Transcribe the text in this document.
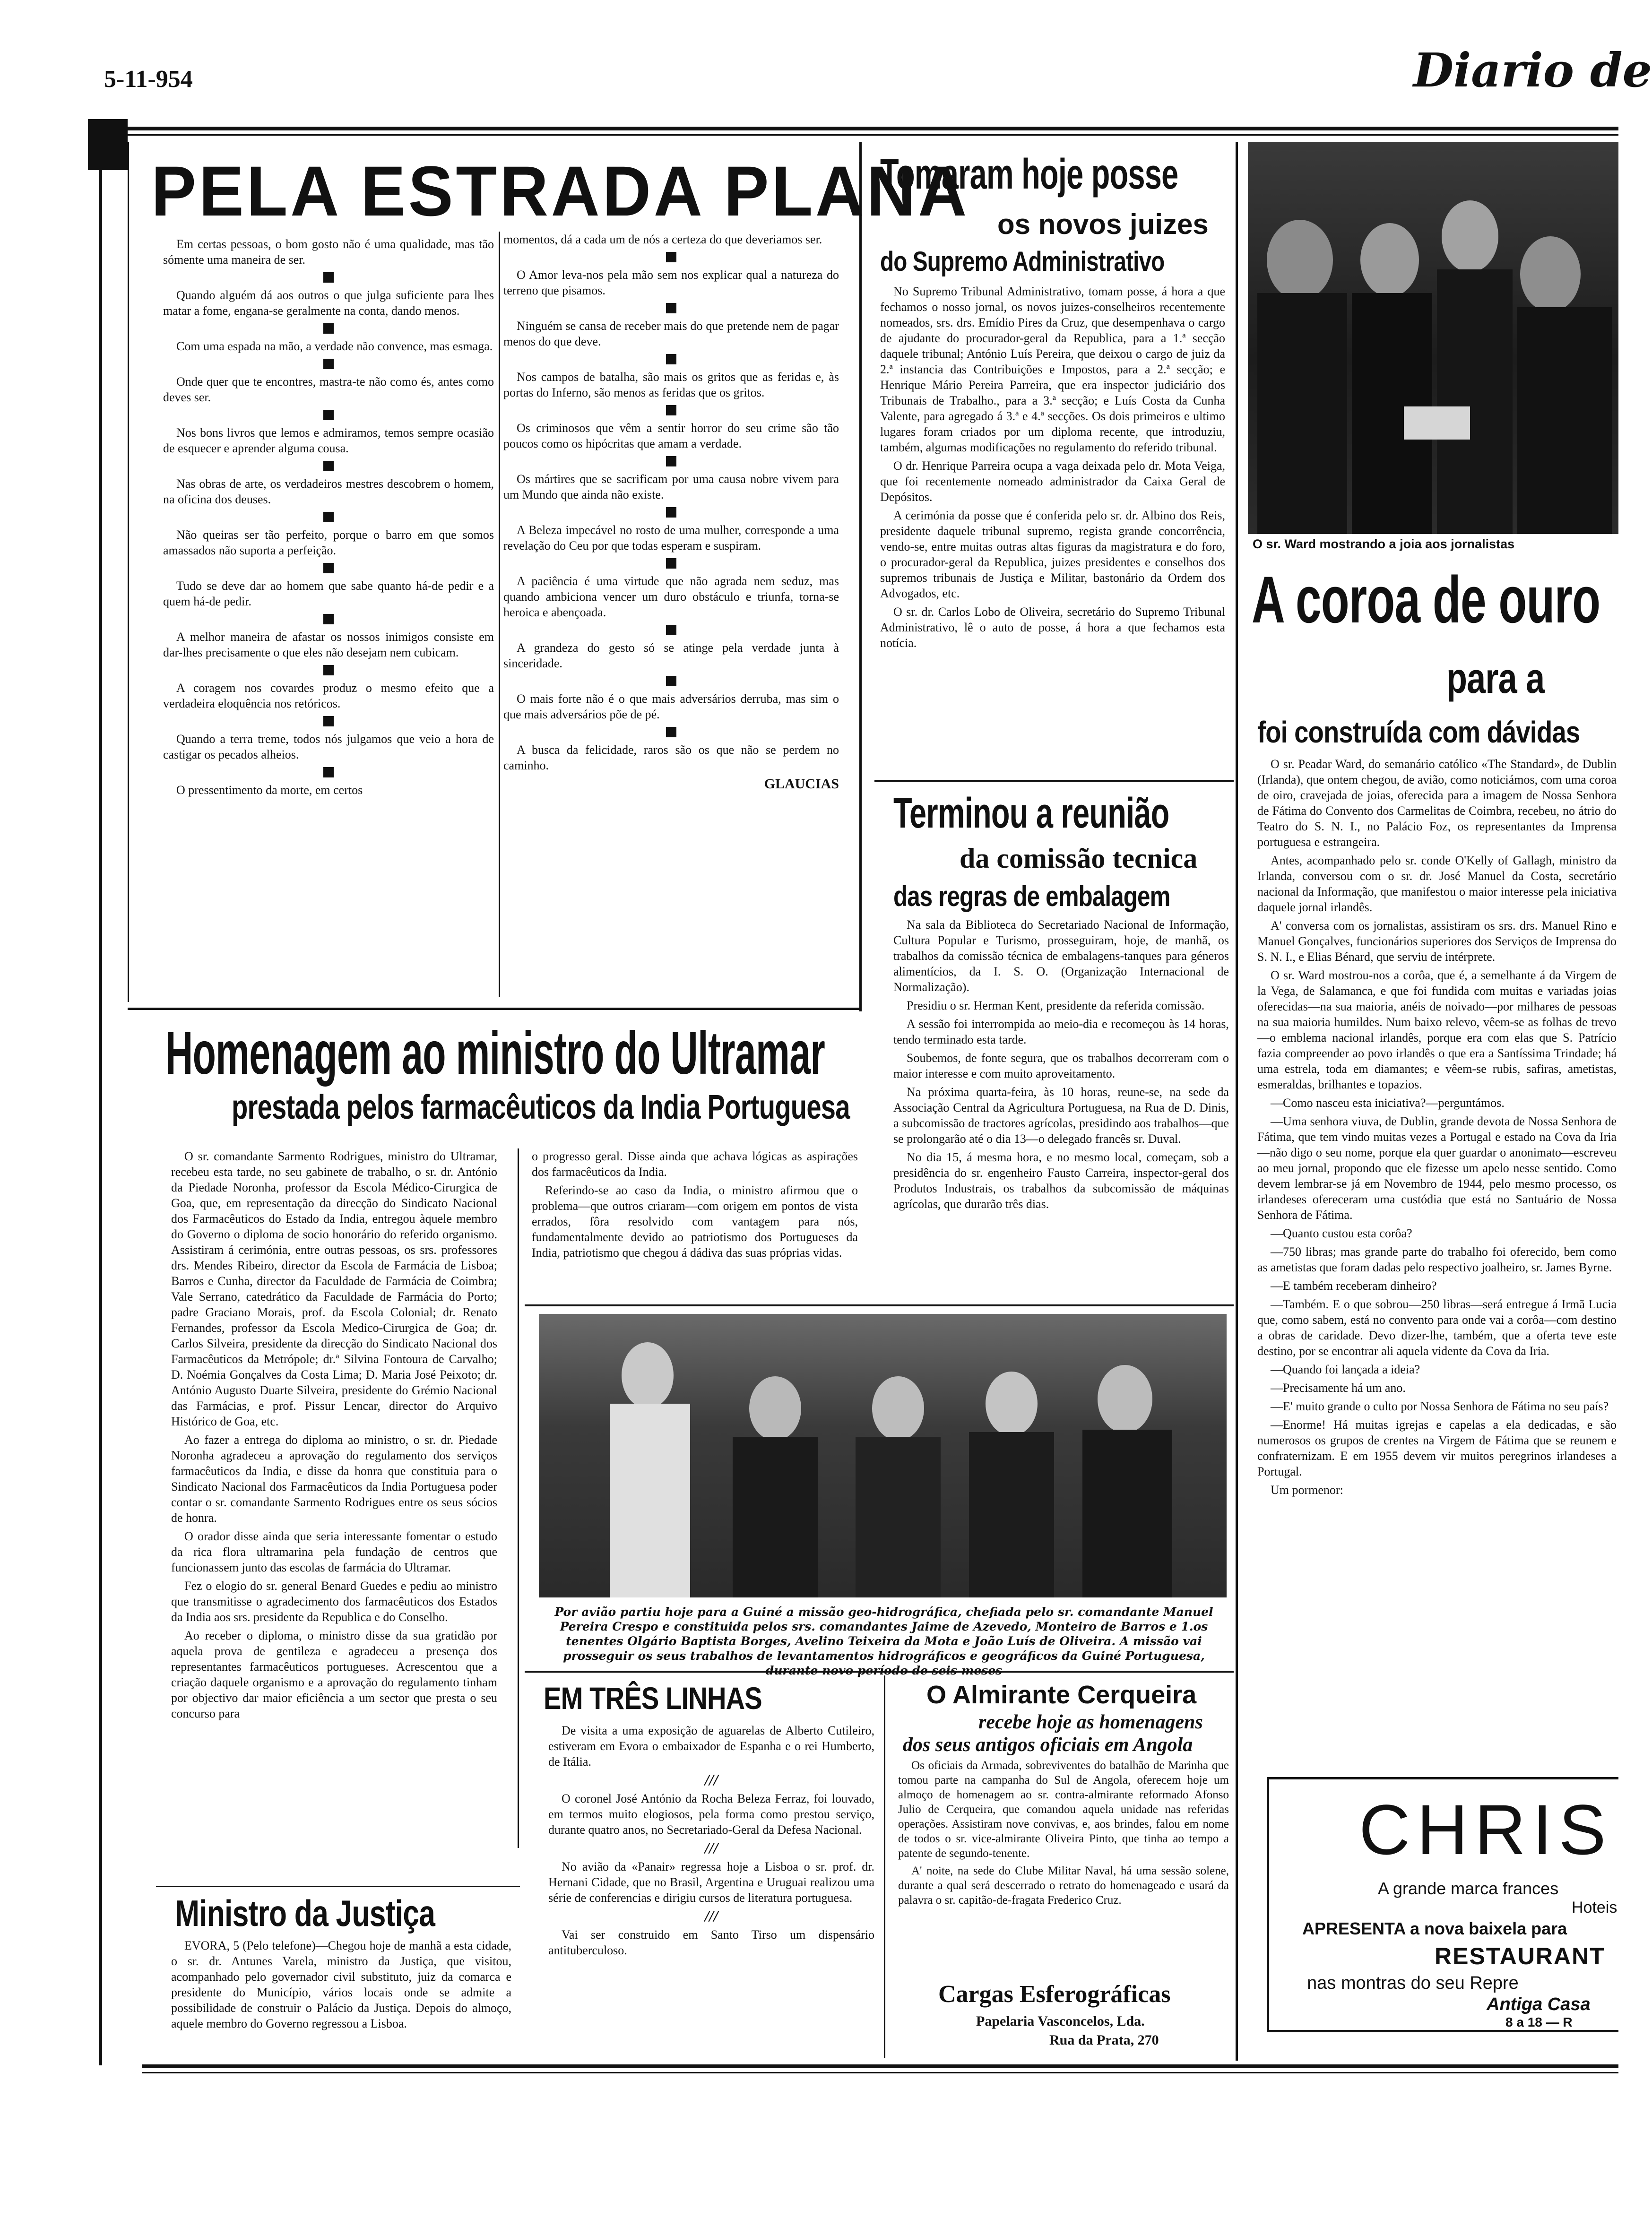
5-11-954	Diario de
PELA ESTRADA PLANA

Em certas pessoas, o bom gosto não é uma qualidade, mas tão sómente uma maneira de ser.

Quando alguém dá aos outros o que julga suficiente para lhes matar a fome, engana-se geralmente na conta, dando menos.

Com uma espada na mão, a verdade não convence, mas esmaga.

Onde quer que te encontres, mastra-te não como és, antes como deves ser.

Nos bons livros que lemos e admiramos, temos sempre ocasião de esquecer e aprender alguma cousa.

Nas obras de arte, os verdadeiros mestres descobrem o homem, na oficina dos deuses.

Não queiras ser tão perfeito, porque o barro em que somos amassados não suporta a perfeição.

Tudo se deve dar ao homem que sabe quanto há-de pedir e a quem há-de pedir.

A melhor maneira de afastar os nossos inimigos consiste em dar-lhes precisamente o que eles não desejam nem cubicam.

A coragem nos covardes produz o mesmo efeito que a verdadeira eloquência nos retóricos.

Quando a terra treme, todos nós julgamos que veio a hora de castigar os pecados alheios.

O pressentimento da morte, em certos

momentos, dá a cada um de nós a certeza do que deveriamos ser.

O Amor leva-nos pela mão sem nos explicar qual a natureza do terreno que pisamos.

Ninguém se cansa de receber mais do que pretende nem de pagar menos do que deve.

Nos campos de batalha, são mais os gritos que as feridas e, às portas do Inferno, são menos as feridas que os gritos.

Os criminosos que vêm a sentir horror do seu crime são tão poucos como os hipócritas que amam a verdade.

Os mártires que se sacrificam por uma causa nobre vivem para um Mundo que ainda não existe.

A Beleza impecável no rosto de uma mulher, corresponde a uma revelação do Ceu por que todas esperam e suspiram.

A paciência é uma virtude que não agrada nem seduz, mas quando ambiciona vencer um duro obstáculo e triunfa, torna-se heroica e abençoada.

A grandeza do gesto só se atinge pela verdade junta à sinceridade.

O mais forte não é o que mais adversários derruba, mas sim o que mais adversários põe de pé.

A busca da felicidade, raros são os que não se perdem no caminho.

GLAUCIAS
Tomaram hoje posse
os novos juizes
do Supremo Administrativo

No Supremo Tribunal Administrativo, tomam posse, á hora a que fechamos o nosso jornal, os novos juizes-conselheiros recentemente nomeados, srs. drs. Emídio Pires da Cruz, que desempenhava o cargo de ajudante do procurador-geral da Republica, para a 1.ª secção daquele tribunal; António Luís Pereira, que deixou o cargo de juiz da 2.ª instancia das Contribuições e Impostos, para a 2.ª secção; e Henrique Mário Pereira Parreira, que era inspector judiciário dos Tribunais de Trabalho., para a 3.ª secção; e Luís Costa da Cunha Valente, para agregado á 3.ª e 4.ª secções. Os dois primeiros e ultimo lugares foram criados por um diploma recente, que introduziu, também, algumas modificações no regulamento do referido tribunal.

O dr. Henrique Parreira ocupa a vaga deixada pelo dr. Mota Veiga, que foi recentemente nomeado administrador da Caixa Geral de Depósitos.

A cerimónia da posse que é conferida pelo sr. dr. Albino dos Reis, presidente daquele tribunal supremo, regista grande concorrência, vendo-se, entre muitas outras altas figuras da magistratura e do foro, o procurador-geral da Republica, juizes presidentes e conselhos dos supremos tribunais de Justiça e Militar, bastonário da Ordem dos Advogados, etc.

O sr. dr. Carlos Lobo de Oliveira, secretário do Supremo Tribunal Administrativo, lê o auto de posse, á hora a que fechamos esta notícia.

Terminou a reunião
da comissão tecnica
das regras de embalagem

Na sala da Biblioteca do Secretariado Nacional de Informação, Cultura Popular e Turismo, prosseguiram, hoje, de manhã, os trabalhos da comissão técnica de embalagens-tanques para géneros alimentícios, da I. S. O. (Organização Internacional de Normalização).

Presidiu o sr. Herman Kent, presidente da referida comissão.

A sessão foi interrompida ao meio-dia e recomeçou às 14 horas, tendo terminado esta tarde.

Soubemos, de fonte segura, que os trabalhos decorreram com o maior interesse e com muito aproveitamento.

Na próxima quarta-feira, às 10 horas, reune-se, na sede da Associação Central da Agricultura Portuguesa, na Rua de D. Dinis, a subcomissão de tractores agrícolas, presidindo aos trabalhos—que se prolongarão até o dia 13—o delegado francês sr. Duval.

No dia 15, á mesma hora, e no mesmo local, começam, sob a presidência do sr. engenheiro Fausto Carreira, inspector-geral dos Produtos Industrais, os trabalhos da subcomissão de máquinas agrícolas, que durarão três dias.

O sr. Ward mostrando a joia aos jornalistas
A coroa de ouro
para a
foi construída com dávidas

O sr. Peadar Ward, do semanário católico «The Standard», de Dublin (Irlanda), que ontem chegou, de avião, como noticiámos, com uma coroa de oiro, cravejada de joias, oferecida para a imagem de Nossa Senhora de Fátima do Convento dos Carmelitas de Coimbra, recebeu, no átrio do Teatro do S. N. I., no Palácio Foz, os representantes da Imprensa portuguesa e estrangeira.

Antes, acompanhado pelo sr. conde O'Kelly of Gallagh, ministro da Irlanda, conversou com o sr. dr. José Manuel da Costa, secretário nacional da Informação, que manifestou o maior interesse pela iniciativa daquele jornal irlandês.

A' conversa com os jornalistas, assistiram os srs. drs. Manuel Rino e Manuel Gonçalves, funcionários superiores dos Serviços de Imprensa do S. N. I., e Elias Bénard, que serviu de intérprete.

O sr. Ward mostrou-nos a corôa, que é, a semelhante á da Virgem de la Vega, de Salamanca, e que foi fundida com muitas e variadas joias oferecidas—na sua maioria, anéis de noivado—por milhares de pessoas na sua maioria humildes. Num baixo relevo, vêem-se as folhas de trevo—o emblema nacional irlandês, porque era com elas que S. Patrício fazia compreender ao povo irlandês o que era a Santíssima Trindade; há uma estrela, toda em diamantes; e vêem-se rubis, safiras, ametistas, esmeraldas, brilhantes e topazios.

—Como nasceu esta iniciativa?—perguntámos.

—Uma senhora viuva, de Dublin, grande devota de Nossa Senhora de Fátima, que tem vindo muitas vezes a Portugal e estado na Cova da Iria—não digo o seu nome, porque ela quer guardar o anonimato—escreveu ao meu jornal, propondo que ele fizesse um apelo nesse sentido. Como devem lembrar-se já em Novembro de 1944, pelo mesmo processo, os irlandeses ofereceram uma custódia que está no Santuário de Nossa Senhora de Fátima.

—Quanto custou esta corôa?

—750 libras; mas grande parte do trabalho foi oferecido, bem como as ametistas que foram dadas pelo respectivo joalheiro, sr. James Byrne.

—E também receberam dinheiro?

—Também. E o que sobrou—250 libras—será entregue á Irmã Lucia que, como sabem, está no convento para onde vai a corôa—com destino a obras de caridade. Devo dizer-lhe, também, que a oferta teve este destino, por se encontrar ali aquela vidente da Cova da Iria.

—Quando foi lançada a ideia?

—Precisamente há um ano.

—E' muito grande o culto por Nossa Senhora de Fátima no seu país?

—Enorme! Há muitas igrejas e capelas a ela dedicadas, e são numerosos os grupos de crentes na Virgem de Fátima que se reunem e confraternizam. E em 1955 devem vir muitos peregrinos irlandeses a Portugal.

Um pormenor:

CHRIS
A grande marca frances
Hoteis
APRESENTA a nova baixela para
RESTAURANT
nas montras do seu Repre
Antiga Casa
8 a 18 — R
Homenagem ao ministro do Ultramar
prestada pelos farmacêuticos da India Portuguesa

O sr. comandante Sarmento Rodrigues, ministro do Ultramar, recebeu esta tarde, no seu gabinete de trabalho, o sr. dr. António da Piedade Noronha, professor da Escola Médico-Cirurgica de Goa, que, em representação da direcção do Sindicato Nacional dos Farmacêuticos do Estado da India, entregou àquele membro do Governo o diploma de socio honorário do referido organismo. Assistiram á cerimónia, entre outras pessoas, os srs. professores drs. Mendes Ribeiro, director da Escola de Farmácia de Lisboa; Barros e Cunha, director da Faculdade de Farmácia de Coimbra; Vale Serrano, catedrático da Faculdade de Farmácia do Porto; padre Graciano Morais, prof. da Escola Colonial; dr. Renato Fernandes, professor da Escola Medico-Cirurgica de Goa; dr. Carlos Silveira, presidente da direcção do Sindicato Nacional dos Farmacêuticos da Metrópole; dr.ª Silvina Fontoura de Carvalho; D. Noémia Gonçalves da Costa Lima; D. Maria José Peixoto; dr. António Augusto Duarte Silveira, presidente do Grémio Nacional das Farmácias, e prof. Pissur Lencar, director do Arquivo Histórico de Goa, etc.

Ao fazer a entrega do diploma ao ministro, o sr. dr. Piedade Noronha agradeceu a aprovação do regulamento dos serviços farmacêuticos da India, e disse da honra que constituia para o Sindicato Nacional dos Farmacêuticos da India Portuguesa poder contar o sr. comandante Sarmento Rodrigues entre os seus sócios de honra.

O orador disse ainda que seria interessante fomentar o estudo da rica flora ultramarina pela fundação de centros que funcionassem junto das escolas de farmácia do Ultramar.

Fez o elogio do sr. general Benard Guedes e pediu ao ministro que transmitisse o agradecimento dos farmacêuticos dos Estados da India aos srs. presidente da Republica e do Conselho.

Ao receber o diploma, o ministro disse da sua gratidão por aquela prova de gentileza e agradeceu a presença dos representantes farmacêuticos portugueses. Acrescentou que a criação daquele organismo e a aprovação do regulamento tinham por objectivo dar maior eficiência a um sector que presta o seu concurso para

o progresso geral. Disse ainda que achava lógicas as aspirações dos farmacêuticos da India.

Referindo-se ao caso da India, o ministro afirmou que o problema—que outros criaram—com origem em pontos de vista errados, fôra resolvido com vantagem para nós, fundamentalmente devido ao patriotismo dos Portugueses da India, patriotismo que chegou á dádiva das suas próprias vidas.

Por avião partiu hoje para a Guiné a missão geo-hidrográfica, chefiada pelo sr. comandante Manuel Pereira Crespo e constituida pelos srs. comandantes Jaime de Azevedo, Monteiro de Barros e 1.os tenentes Olgário Baptista Borges, Avelino Teixeira da Mota e João Luís de Oliveira. A missão vai prosseguir os seus trabalhos de levantamentos hidrográficos e geográficos da Guiné Portuguesa,
Ministro da Justiça

EVORA, 5 (Pelo telefone)—Chegou hoje de manhã a esta cidade, o sr. dr. Antunes Varela, ministro da Justiça, que visitou, acompanhado pelo governador civil substituto, juiz da comarca e presidente do Município, vários locais onde se admite a possibilidade de construir o Palácio da Justiça. Depois do almoço, aquele membro do Governo regressou a Lisboa.

EM TRÊS LINHAS

De visita a uma exposição de aguarelas de Alberto Cutileiro, estiveram em Evora o embaixador de Espanha e o rei Humberto, de Itália.

///

O coronel José António da Rocha Beleza Ferraz, foi louvado, em termos muito elogiosos, pela forma como prestou serviço, durante quatro anos, no Secretariado-Geral da Defesa Nacional.

///

No avião da «Panair» regressa hoje a Lisboa o sr. prof. dr. Hernani Cidade, que no Brasil, Argentina e Uruguai realizou uma série de conferencias e dirigiu cursos de literatura portuguesa.

///

Vai ser construido em Santo Tirso um dispensário antituberculoso.

O Almirante Cerqueira
recebe hoje as homenagens
dos seus antigos oficiais em Angola

Os oficiais da Armada, sobreviventes do batalhão de Marinha que tomou parte na campanha do Sul de Angola, oferecem hoje um almoço de homenagem ao sr. contra-almirante reformado Afonso Julio de Cerqueira, que comandou aquela unidade nas referidas operações. Assistiram nove convivas, e, aos brindes, falou em nome de todos o sr. vice-almirante Oliveira Pinto, que tinha ao tempo a patente de segundo-tenente.

A' noite, na sede do Clube Militar Naval, há uma sessão solene, durante a qual será descerrado o retrato do homenageado e usará da palavra o sr. capitão-de-fragata Frederico Cruz.

Cargas Esferográficas
Papelaria Vasconcelos, Lda.
Rua da Prata, 270
